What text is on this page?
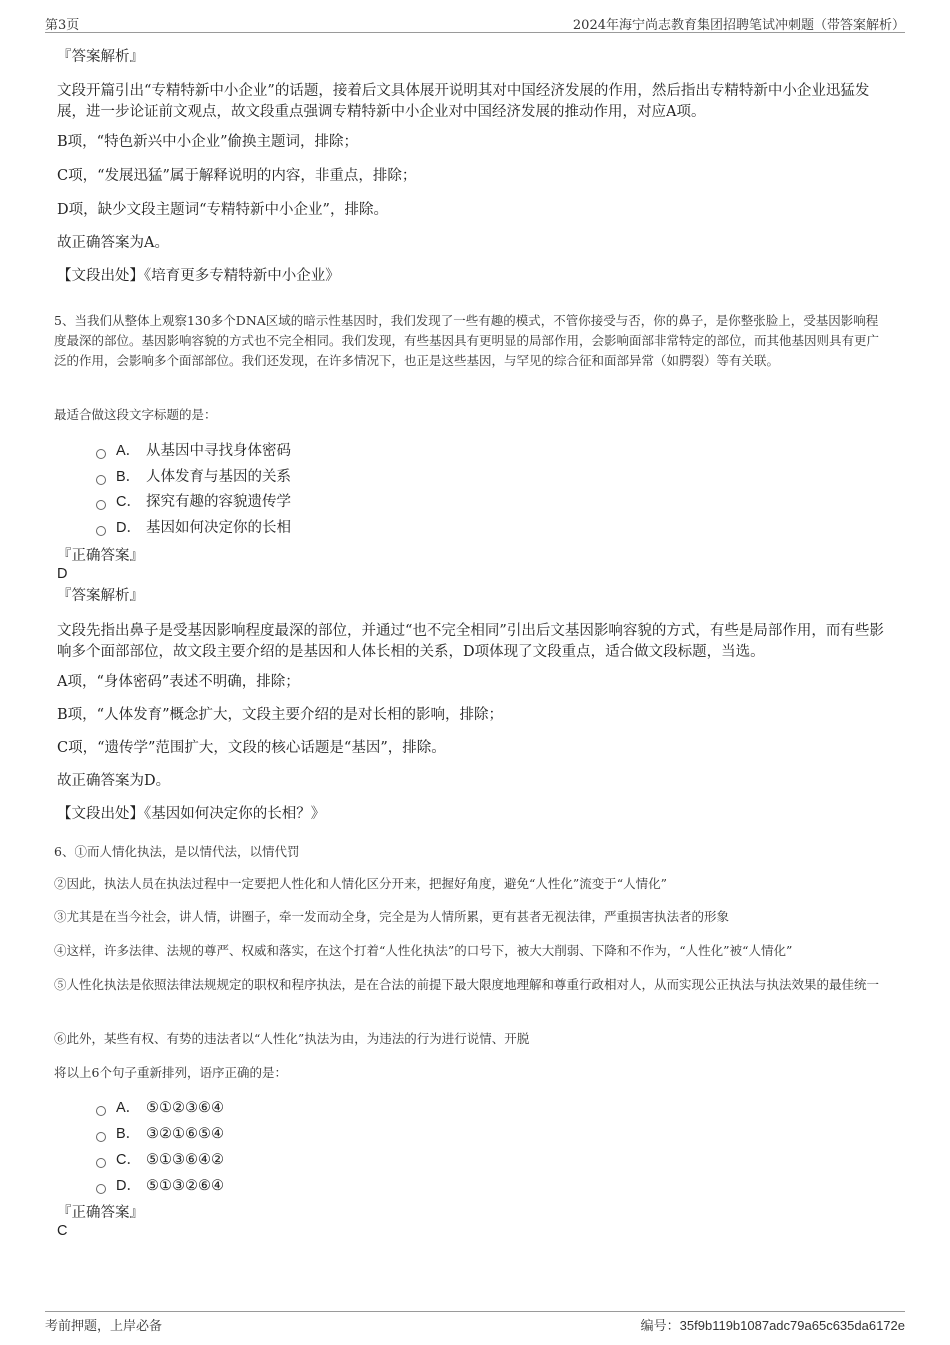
第3页	2024年海宁尚志教育集团招聘笔试冲刺题（带答案解析）
『答案解析』
文段开篇引出“专精特新中小企业”的话题，接着后文具体展开说明其对中国经济发展的作用，然后指出专精特新中小企业迅猛发展，进一步论证前文观点，故文段重点强调专精特新中小企业对中国经济发展的推动作用，对应A项。
B项，“特色新兴中小企业”偷换主题词，排除；
C项，“发展迅猛”属于解释说明的内容，非重点，排除；
D项，缺少文段主题词“专精特新中小企业”，排除。
故正确答案为A。
【文段出处】《培育更多专精特新中小企业》
5、当我们从整体上观察130多个DNA区域的暗示性基因时，我们发现了一些有趣的模式，不管你接受与否，你的鼻子，是你整张脸上，受基因影响程度最深的部位。基因影响容貌的方式也不完全相同。我们发现，有些基因具有更明显的局部作用，会影响面部非常特定的部位，而其他基因则具有更广泛的作用，会影响多个面部部位。我们还发现，在许多情况下，也正是这些基因，与罕见的综合征和面部异常（如腭裂）等有关联。
最适合做这段文字标题的是：
A． 从基因中寻找身体密码
B． 人体发育与基因的关系
C． 探究有趣的容貌遗传学
D． 基因如何决定你的长相
『正确答案』
D
『答案解析』
文段先指出鼻子是受基因影响程度最深的部位，并通过“也不完全相同”引出后文基因影响容貌的方式，有些是局部作用，而有些影响多个面部部位，故文段主要介绍的是基因和人体长相的关系，D项体现了文段重点，适合做文段标题，当选。
A项，“身体密码”表述不明确，排除；
B项，“人体发育”概念扩大，文段主要介绍的是对长相的影响，排除；
C项，“遗传学”范围扩大，文段的核心话题是“基因”，排除。
故正确答案为D。
【文段出处】《基因如何决定你的长相？》
6、①而人情化执法，是以情代法，以情代罚
②因此，执法人员在执法过程中一定要把人性化和人情化区分开来，把握好角度，避免“人性化”流变于“人情化”
③尤其是在当今社会，讲人情，讲圈子，牵一发而动全身，完全是为人情所累，更有甚者无视法律，严重损害执法者的形象
④这样，许多法律、法规的尊严、权威和落实，在这个打着“人性化执法”的口号下，被大大削弱、下降和不作为，“人性化”被“人情化”
⑤人性化执法是依照法律法规规定的职权和程序执法，是在合法的前提下最大限度地理解和尊重行政相对人，从而实现公正执法与执法效果的最佳统一
⑥此外，某些有权、有势的违法者以“人性化”执法为由，为违法的行为进行说情、开脱
将以上6个句子重新排列，语序正确的是：
A． ⑤①②③⑥④
B． ③②①⑥⑤④
C． ⑤①③⑥④②
D． ⑤①③②⑥④
『正确答案』
C
考前押题，上岸必备	编号：35f9b119b1087adc79a65c635da6172e
